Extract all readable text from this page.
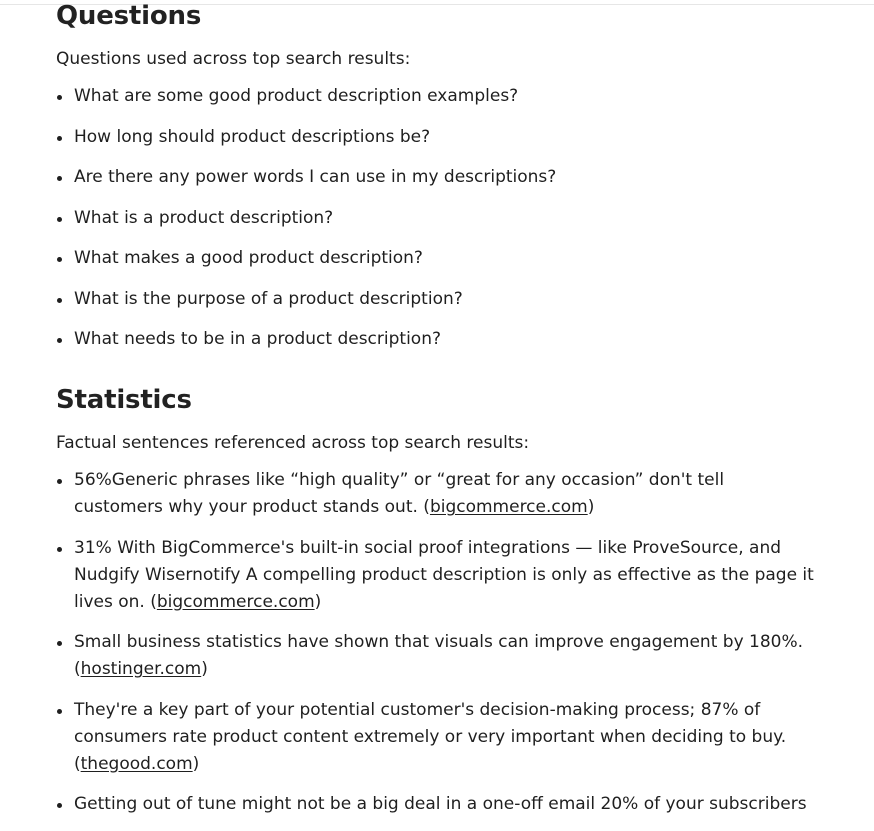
Questions

Questions used across top search results:

What are some good product description examples?
How long should product descriptions be?
Are there any power words I can use in my descriptions?
What is a product description?
What makes a good product description?
What is the purpose of a product description?
What needs to be in a product description?
Statistics

Factual sentences referenced across top search results:

56%Generic phrases like “high quality” or “great for any occasion” don't tell customers why your product stands out. (bigcommerce.com)
31% With BigCommerce's built-in social proof integrations — like ProveSource, and Nudgify Wisernotify A compelling product description is only as effective as the page it lives on. (bigcommerce.com)
Small business statistics have shown that visuals can improve engagement by 180%. (hostinger.com)
They're a key part of your potential customer's decision-making process; 87% of consumers rate product content extremely or very important when deciding to buy. (thegood.com)
Getting out of tune might not be a big deal in a one-off email 20% of your subscribers
